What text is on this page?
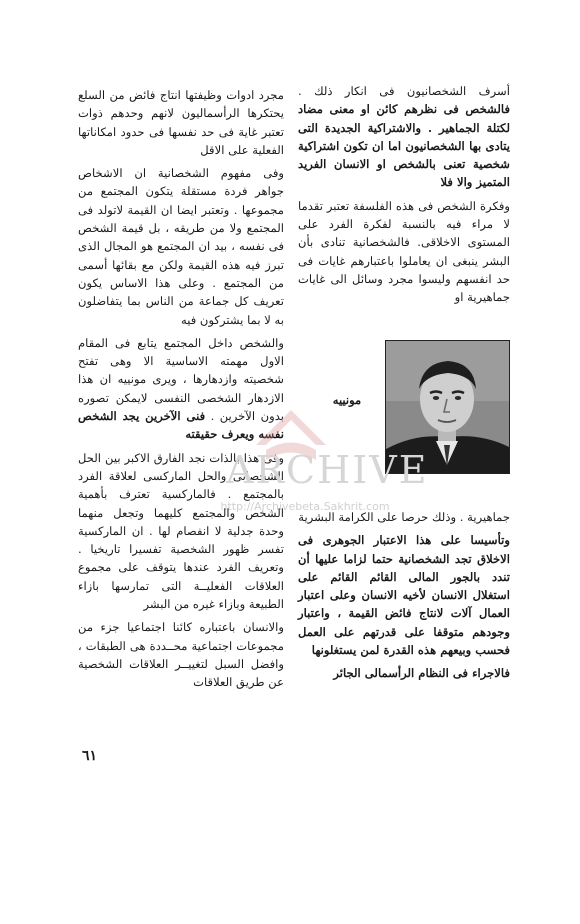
أسرف الشخصانيون فى انكار ذلك . فالشخص فى نظرهم كائن او معنى مضاد لكتلة الجماهير . والاشتراكية الجديدة التى يتادى بها الشخصانيون اما ان تكون اشتراكية شخصية تعنى بالشخص او الانسان الفريد المتميز والا فلا

وفكرة الشخص فى هذه الفلسفة تعتبر تقدما لا مراء فيه بالنسبة لفكرة الفرد على المستوى الاخلاقى. فالشخصانية تنادى بأن البشر ينبغى ان يعاملوا باعتبارهم غايات فى حد انفسهم وليسوا مجرد وسائل الى غايات جماهيرية او

مونييه

جماهيرية . وذلك حرصا على الكرامة البشرية

وتأسيسا على هذا الاعتبار الجوهرى فى الاخلاق تجد الشخصانية حتما لزاما عليها أن تندد بالجور المالى القائم القائم على استغلال الانسان لأخيه الانسان وعلى اعتبار العمال آلات لانتاج فائض القيمة ، واعتبار وجودهم متوقفا على قدرتهم على العمل فحسب وبيعهم هذه القدرة لمن يستغلونها

فالاجراء فى النظام الرأسمالى الجائر

مجرد ادوات وظيفتها انتاج فائض من السلع يحتكرها الرأسماليون لانهم وحدهم ذوات تعتبر غاية فى حد نفسها فى حدود امكاناتها الفعلية على الاقل

وفى مفهوم الشخصانية ان الاشخاص جواهر فردة مستقلة يتكون المجتمع من مجموعها . وتعتبر ايضا ان القيمة لاتولد فى المجتمع ولا من طريقه ، بل قيمة الشخص فى نفسه ، بيد ان المجتمع هو المجال الذى تبرز فيه هذه القيمة ولكن مع بقائها أسمى من المجتمع . وعلى هذا الاساس يكون تعريف كل جماعة من الناس بما يتفاضلون به لا بما يشتركون فيه

والشخص داخل المجتمع يتابع فى المقام الاول مهمته الاساسية الا وهى تفتح شخصيته وازدهارها ، ويرى مونييه ان هذا الازدهار الشخصى النفسى لايمكن تصوره بدون الآخرين . فنى الآخرين يجد الشخص نفسه ويعرف حقيقته

وفى هذا بالذات نجد الفارق الاكبر بين الحل الشخصانى والحل الماركسى لعلاقة الفرد بالمجتمع . فالماركسية تعترف بأهمية الشخص والمجتمع كليهما وتجعل منهما وحدة جدلية لا انفصام لها . ان الماركسية تفسر ظهور الشخصية تفسيرا تاريخيا . وتعريف الفرد عندها يتوقف على مجموع العلاقات الفعليــة التى تمارسها بازاء الطبيعة وبازاء غيره من البشر

والانسان باعتباره كائنا اجتماعيا جزء من مجموعات اجتماعية محــددة هى الطبقات ، وافضل السبل لتغييــر العلاقات الشخصية عن طريق العلاقات

ARCHIVE
http://Archivebeta.Sakhrit.com
٦١
